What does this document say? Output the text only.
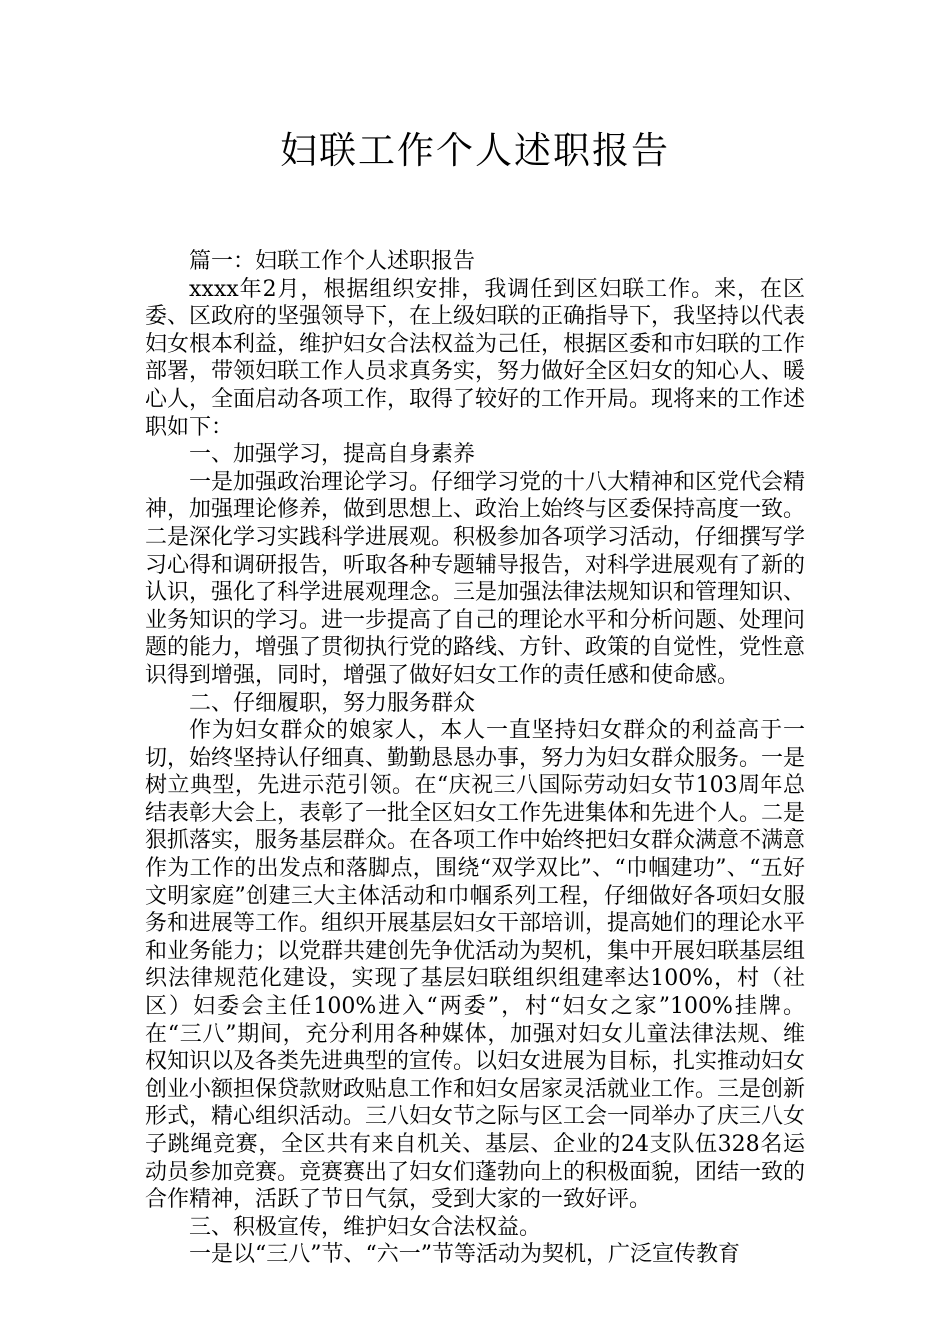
妇联工作个人述职报告

篇一：妇联工作个人述职报告

xxxx年2月，根据组织安排，我调任到区妇联工作。来，在区委、区政府的坚强领导下，在上级妇联的正确指导下，我坚持以代表妇女根本利益，维护妇女合法权益为己任，根据区委和市妇联的工作部署，带领妇联工作人员求真务实，努力做好全区妇女的知心人、暖心人，全面启动各项工作，取得了较好的工作开局。现将来的工作述职如下：

一、加强学习，提高自身素养

一是加强政治理论学习。仔细学习党的十八大精神和区党代会精神，加强理论修养，做到思想上、政治上始终与区委保持高度一致。二是深化学习实践科学进展观。积极参加各项学习活动，仔细撰写学习心得和调研报告，听取各种专题辅导报告，对科学进展观有了新的认识，强化了科学进展观理念。三是加强法律法规知识和管理知识、业务知识的学习。进一步提高了自己的理论水平和分析问题、处理问题的能力，增强了贯彻执行党的路线、方针、政策的自觉性，党性意识得到增强，同时，增强了做好妇女工作的责任感和使命感。

二、仔细履职，努力服务群众

作为妇女群众的娘家人，本人一直坚持妇女群众的利益高于一切，始终坚持认仔细真、勤勤恳恳办事，努力为妇女群众服务。一是树立典型，先进示范引领。在“庆祝三八国际劳动妇女节103周年总结表彰大会上，表彰了一批全区妇女工作先进集体和先进个人。二是狠抓落实，服务基层群众。在各项工作中始终把妇女群众满意不满意作为工作的出发点和落脚点，围绕“双学双比”、“巾帼建功”、“五好文明家庭”创建三大主体活动和巾帼系列工程，仔细做好各项妇女服务和进展等工作。组织开展基层妇女干部培训，提高她们的理论水平和业务能力；以党群共建创先争优活动为契机，集中开展妇联基层组织法律规范化建设，实现了基层妇联组织组建率达100%，村（社区）妇委会主任100%进入“两委”，村“妇女之家”100%挂牌。在“三八”期间，充分利用各种媒体，加强对妇女儿童法律法规、维权知识以及各类先进典型的宣传。以妇女进展为目标，扎实推动妇女创业小额担保贷款财政贴息工作和妇女居家灵活就业工作。三是创新形式，精心组织活动。三八妇女节之际与区工会一同举办了庆三八女子跳绳竞赛，全区共有来自机关、基层、企业的24支队伍328名运动员参加竞赛。竞赛赛出了妇女们蓬勃向上的积极面貌，团结一致的合作精神，活跃了节日气氛，受到大家的一致好评。

三、积极宣传，维护妇女合法权益。

一是以“三八”节、“六一”节等活动为契机，广泛宣传教育
